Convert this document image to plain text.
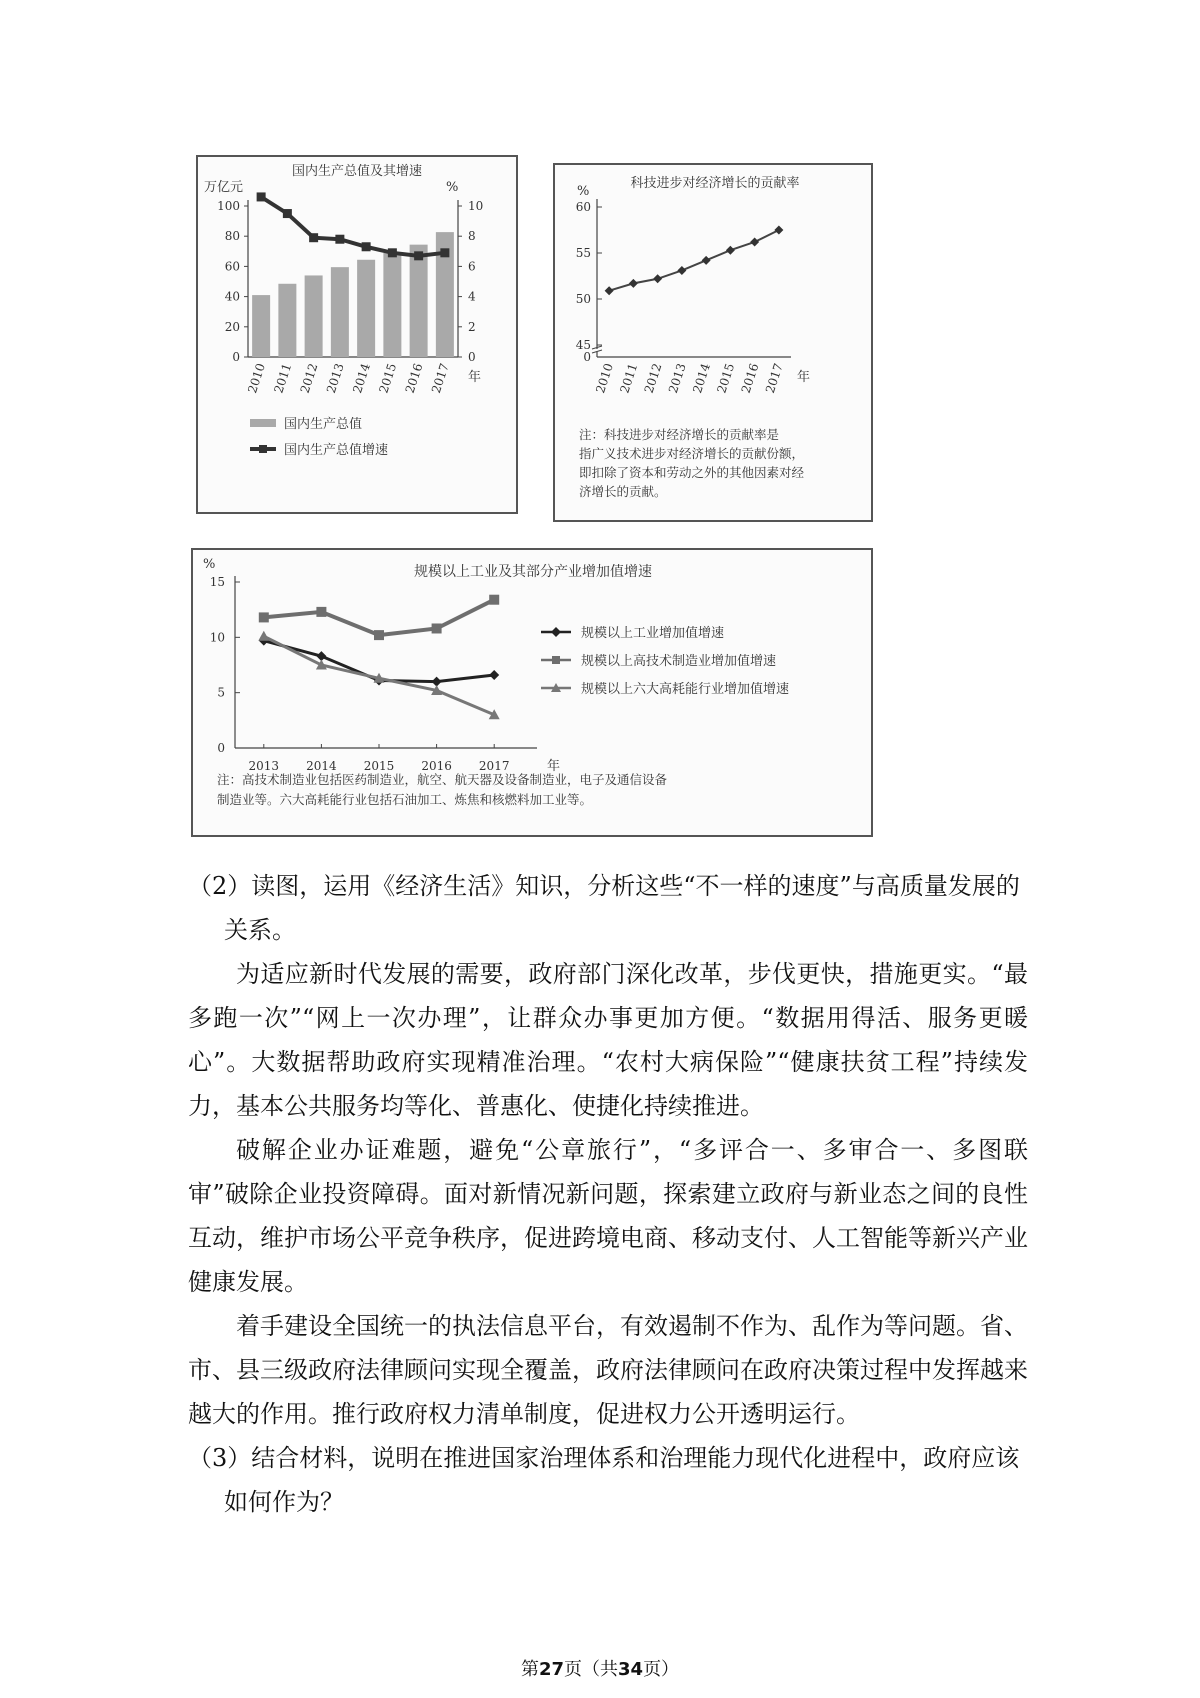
国内生产总值及其增速
万亿元	%
0
20
40
60
80
100
0
2
4
6
8
10
2010 2011 2012 2013 2014 2015 2016 2017 年
国内生产总值
国内生产总值增速
科技进步对经济增长的贡献率
%
0
45
50
55
60
2010 2011 2012 2013 2014 2015 2016 2017 年
注：科技进步对经济增长的贡献率是
指广义技术进步对经济增长的贡献份额，
即扣除了资本和劳动之外的其他因素对经
济增长的贡献。
%	规模以上工业及其部分产业增加值增速
0
5
10
15
2013 2014 2015 2016 2017	年
规模以上工业增加值增速
规模以上高技术制造业增加值增速
规模以上六大高耗能行业增加值增速
注：高技术制造业包括医药制造业，航空、航天器及设备制造业，电子及通信设备
制造业等。六大高耗能行业包括石油加工、炼焦和核燃料加工业等。
（2）读图，运用《经济生活》知识，分析这些“不一样的速度”与高质量发展的
关系。

为适应新时代发展的需要，政府部门深化改革，步伐更快，措施更实。“最多跑一次”“网上一次办理”，让群众办事更加方便。“数据用得活、服务更暖心”。大数据帮助政府实现精准治理。“农村大病保险”“健康扶贫工程”持续发力，基本公共服务均等化、普惠化、使捷化持续推进。

破解企业办证难题，避免“公章旅行”，“多评合一、多审合一、多图联审”破除企业投资障碍。面对新情况新问题，探索建立政府与新业态之间的良性互动，维护市场公平竞争秩序，促进跨境电商、移动支付、人工智能等新兴产业健康发展。

着手建设全国统一的执法信息平台，有效遏制不作为、乱作为等问题。省、市、县三级政府法律顾问实现全覆盖，政府法律顾问在政府决策过程中发挥越来越大的作用。推行政府权力清单制度，促进权力公开透明运行。

（3）结合材料，说明在推进国家治理体系和治理能力现代化进程中，政府应该
如何作为？
第27页（共34页）
